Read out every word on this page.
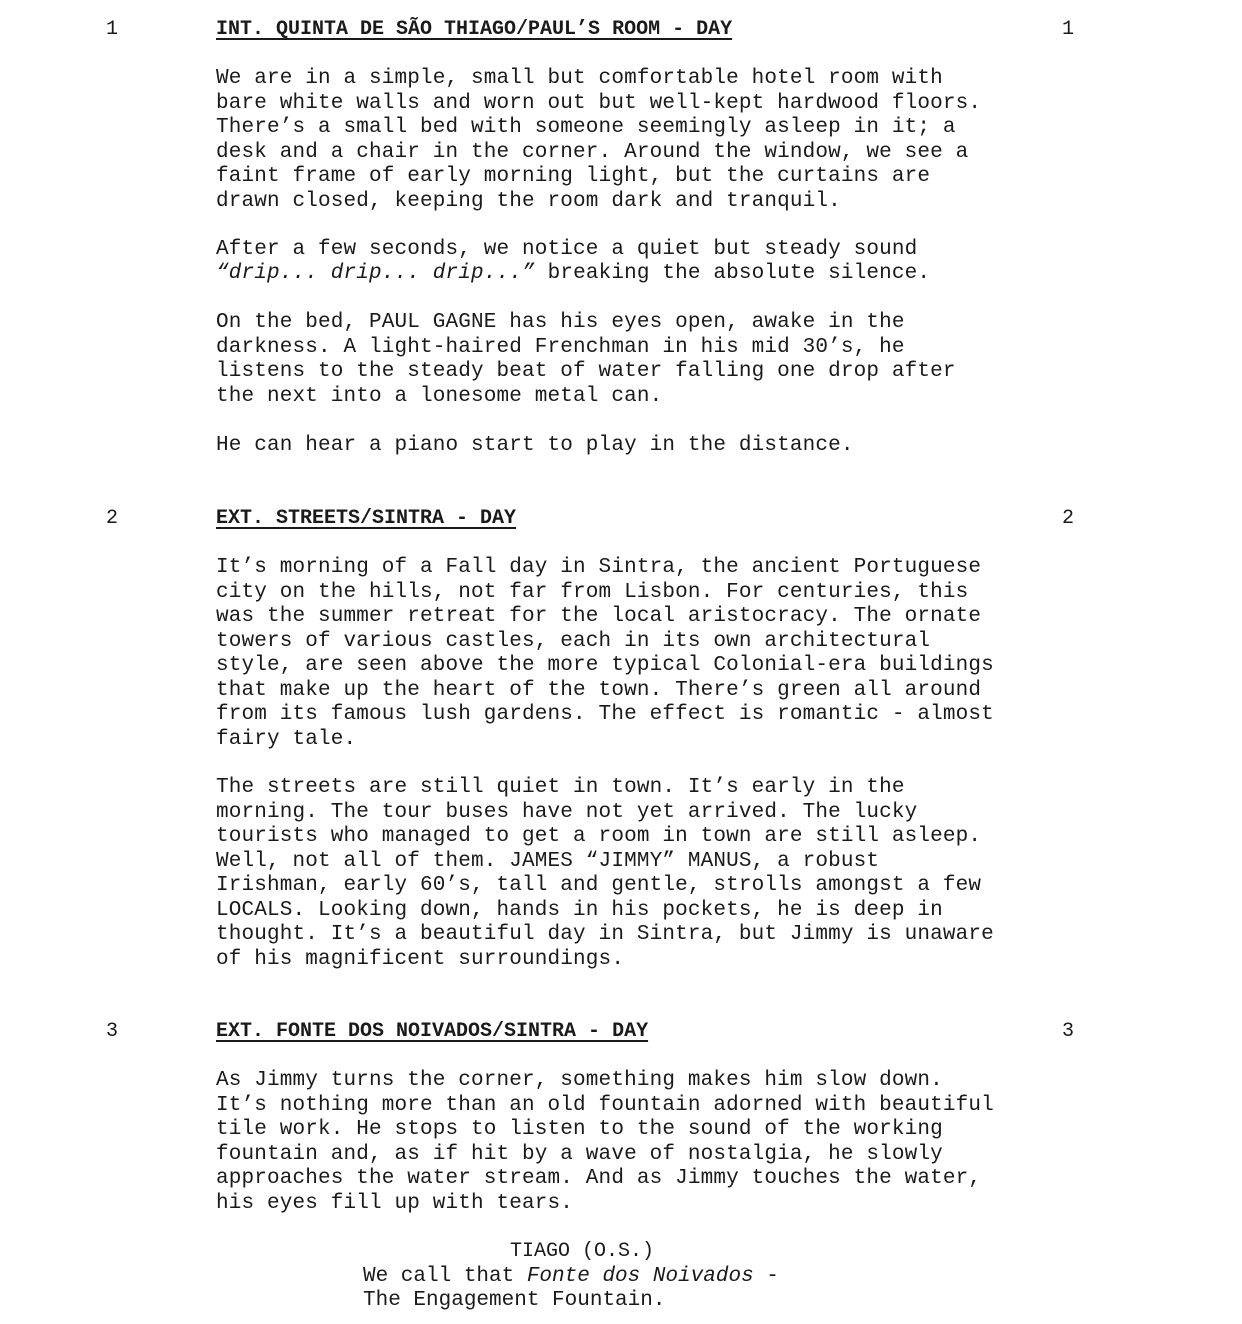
1	INT. QUINTA DE SÃO THIAGO/PAUL’S ROOM - DAY	1
We are in a simple, small but comfortable hotel room with
bare white walls and worn out but well-kept hardwood floors.
There’s a small bed with someone seemingly asleep in it; a
desk and a chair in the corner. Around the window, we see a
faint frame of early morning light, but the curtains are
drawn closed, keeping the room dark and tranquil.
After a few seconds, we notice a quiet but steady sound
“drip... drip... drip...” breaking the absolute silence.
On the bed, PAUL GAGNE has his eyes open, awake in the
darkness. A light-haired Frenchman in his mid 30’s, he
listens to the steady beat of water falling one drop after
the next into a lonesome metal can.
He can hear a piano start to play in the distance.
2	EXT. STREETS/SINTRA - DAY	2
It’s morning of a Fall day in Sintra, the ancient Portuguese
city on the hills, not far from Lisbon. For centuries, this
was the summer retreat for the local aristocracy. The ornate
towers of various castles, each in its own architectural
style, are seen above the more typical Colonial-era buildings
that make up the heart of the town. There’s green all around
from its famous lush gardens. The effect is romantic - almost
fairy tale.
The streets are still quiet in town. It’s early in the
morning. The tour buses have not yet arrived. The lucky
tourists who managed to get a room in town are still asleep.
Well, not all of them. JAMES “JIMMY” MANUS, a robust
Irishman, early 60’s, tall and gentle, strolls amongst a few
LOCALS. Looking down, hands in his pockets, he is deep in
thought. It’s a beautiful day in Sintra, but Jimmy is unaware
of his magnificent surroundings.
3	EXT. FONTE DOS NOIVADOS/SINTRA - DAY	3
As Jimmy turns the corner, something makes him slow down.
It’s nothing more than an old fountain adorned with beautiful
tile work. He stops to listen to the sound of the working
fountain and, as if hit by a wave of nostalgia, he slowly
approaches the water stream. And as Jimmy touches the water,
his eyes fill up with tears.
TIAGO (O.S.)
We call that Fonte dos Noivados -
The Engagement Fountain.
